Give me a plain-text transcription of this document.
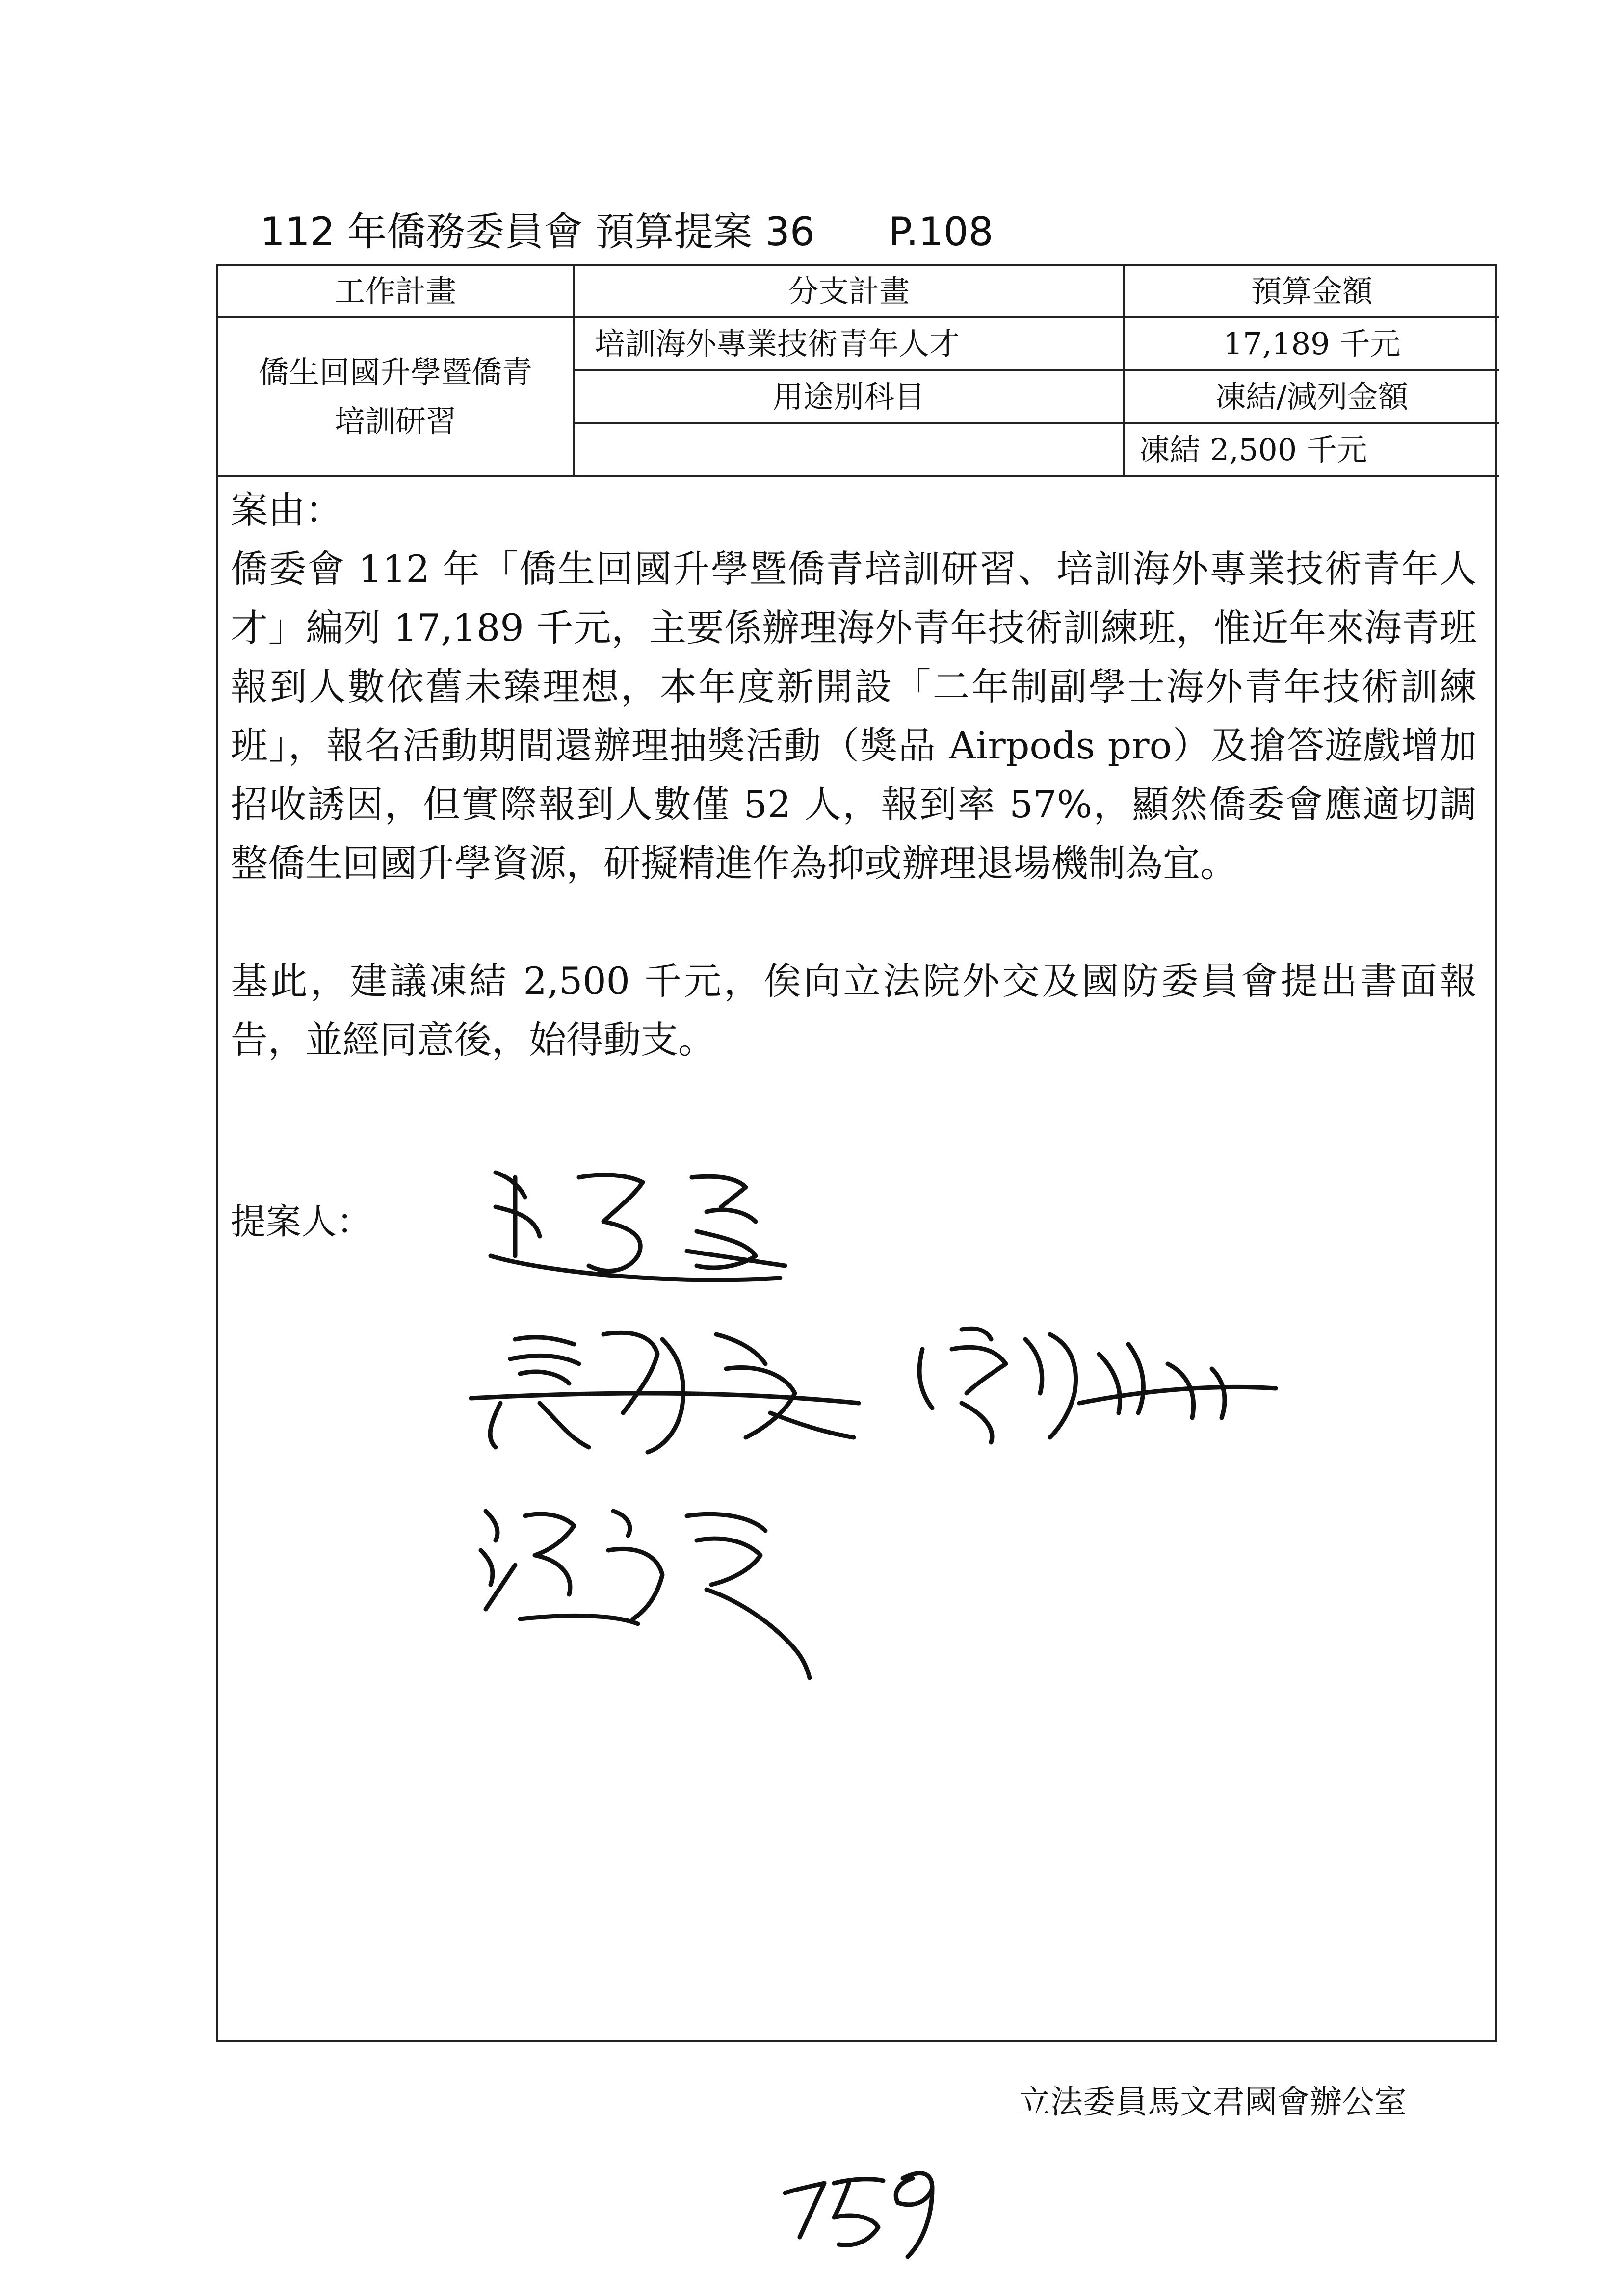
112 年僑務委員會 預算提案 36 P.108
工作計畫	分支計畫	預算金額
僑生回國升學暨僑青培訓研習	培訓海外專業技術青年人才	17,189 千元
	用途別科目	凍結/減列金額
		凍結 2,500 千元

案由：

僑委會 112 年「僑生回國升學暨僑青培訓研習、培訓海外專業技術青年人才」編列 17,189 千元，主要係辦理海外青年技術訓練班，惟近年來海青班報到人數依舊未臻理想，本年度新開設「二年制副學士海外青年技術訓練班」，報名活動期間還辦理抽獎活動（獎品 Airpods pro）及搶答遊戲增加招收誘因，但實際報到人數僅 52 人，報到率 57%，顯然僑委會應適切調整僑生回國升學資源，研擬精進作為抑或辦理退場機制為宜。

基此，建議凍結 2,500 千元，俟向立法院外交及國防委員會提出書面報告，並經同意後，始得動支。

提案人：
立法委員馬文君國會辦公室
